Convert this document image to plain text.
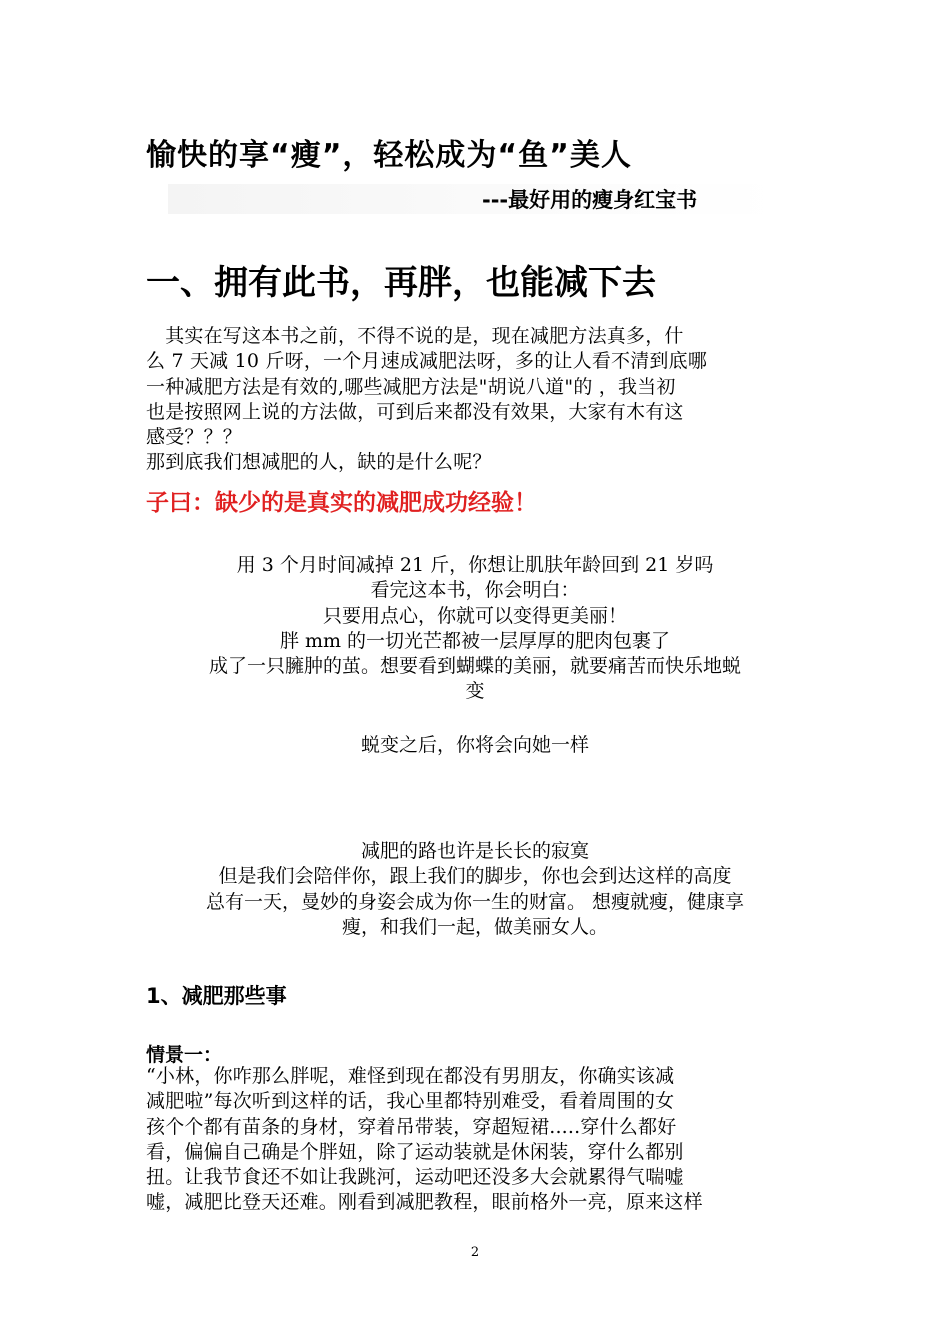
愉快的享“瘦”，轻松成为“鱼”美人
---最好用的瘦身红宝书
一、拥有此书，再胖，也能减下去
　其实在写这本书之前，不得不说的是，现在减肥方法真多，什
么 7 天减 10 斤呀，一个月速成减肥法呀，多的让人看不清到底哪
一种减肥方法是有效的,哪些减肥方法是"胡说八道"的 ，我当初
也是按照网上说的方法做，可到后来都没有效果，大家有木有这
感受？？？
那到底我们想减肥的人，缺的是什么呢？
子曰：缺少的是真实的减肥成功经验！
用 3 个月时间减掉 21 斤，你想让肌肤年龄回到 21 岁吗
看完这本书，你会明白：
只要用点心，你就可以变得更美丽！
胖 mm 的一切光芒都被一层厚厚的肥肉包裹了
成了一只臃肿的茧。想要看到蝴蝶的美丽，就要痛苦而快乐地蜕
变
蜕变之后，你将会向她一样
减肥的路也许是长长的寂寞
但是我们会陪伴你，跟上我们的脚步，你也会到达这样的高度
总有一天，曼妙的身姿会成为你一生的财富。 想瘦就瘦，健康享
瘦，和我们一起，做美丽女人。
1、减肥那些事
情景一：
“小林，你咋那么胖呢，难怪到现在都没有男朋友，你确实该减
减肥啦”每次听到这样的话，我心里都特别难受，看着周围的女
孩个个都有苗条的身材，穿着吊带装，穿超短裙.....穿什么都好
看，偏偏自己确是个胖妞，除了运动装就是休闲装，穿什么都别
扭。让我节食还不如让我跳河，运动吧还没多大会就累得气喘嘘
嘘，减肥比登天还难。刚看到减肥教程，眼前格外一亮，原来这样
2
